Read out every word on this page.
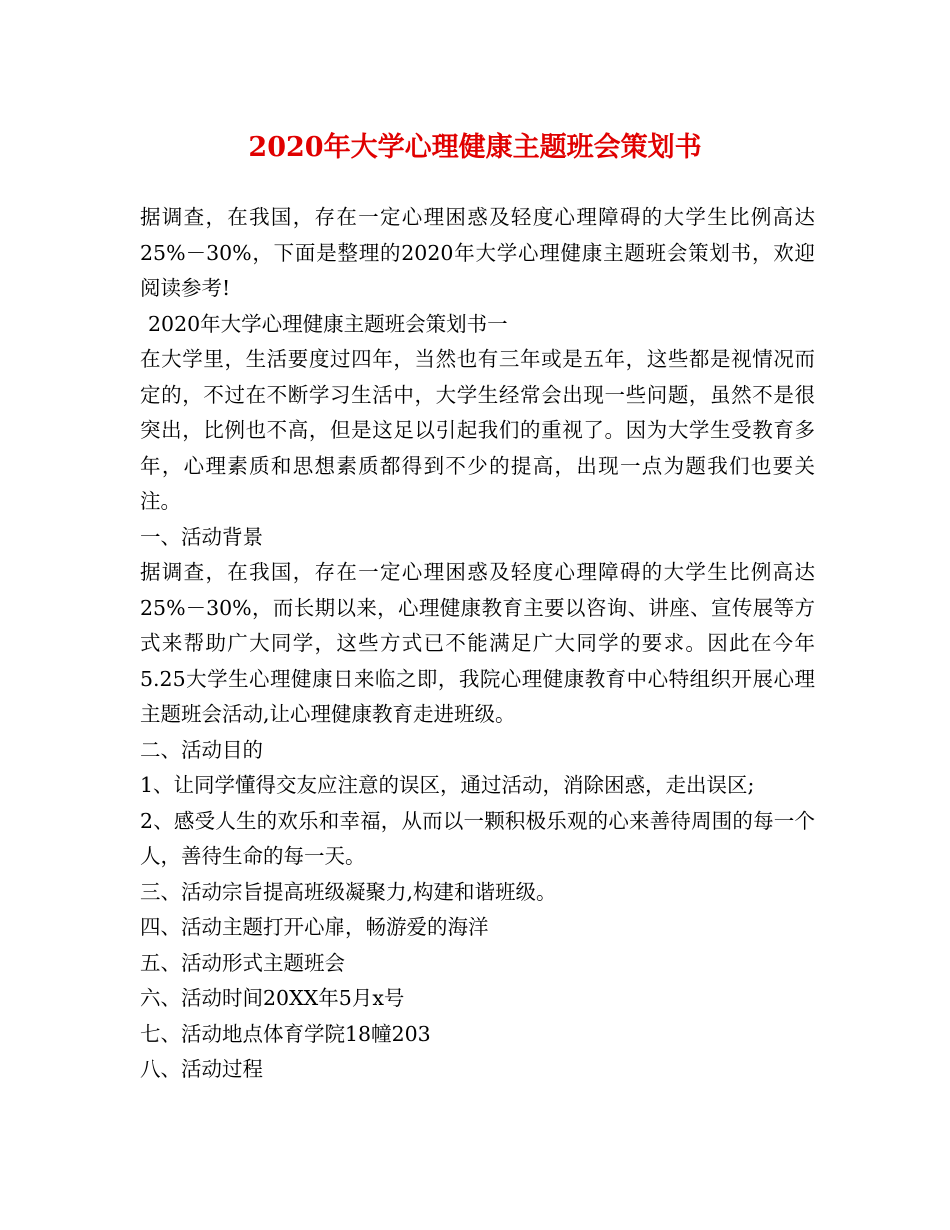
2020年大学心理健康主题班会策划书

据调查，在我国，存在一定心理困惑及轻度心理障碍的大学生比例高达25%－30%，下面是整理的2020年大学心理健康主题班会策划书，欢迎阅读参考!

2020年大学心理健康主题班会策划书一

在大学里，生活要度过四年，当然也有三年或是五年，这些都是视情况而定的，不过在不断学习生活中，大学生经常会出现一些问题，虽然不是很突出，比例也不高，但是这足以引起我们的重视了。因为大学生受教育多年，心理素质和思想素质都得到不少的提高，出现一点为题我们也要关注。

一、活动背景

据调查，在我国，存在一定心理困惑及轻度心理障碍的大学生比例高达25%－30%，而长期以来，心理健康教育主要以咨询、讲座、宣传展等方式来帮助广大同学，这些方式已不能满足广大同学的要求。因此在今年5.25大学生心理健康日来临之即，我院心理健康教育中心特组织开展心理主题班会活动,让心理健康教育走进班级。

二、活动目的

1、让同学懂得交友应注意的误区，通过活动，消除困惑，走出误区;

2、感受人生的欢乐和幸福，从而以一颗积极乐观的心来善待周围的每一个人，善待生命的每一天。

三、活动宗旨提高班级凝聚力,构建和谐班级。

四、活动主题打开心扉，畅游爱的海洋

五、活动形式主题班会

六、活动时间20XX年5月x号

七、活动地点体育学院18幢203

八、活动过程
